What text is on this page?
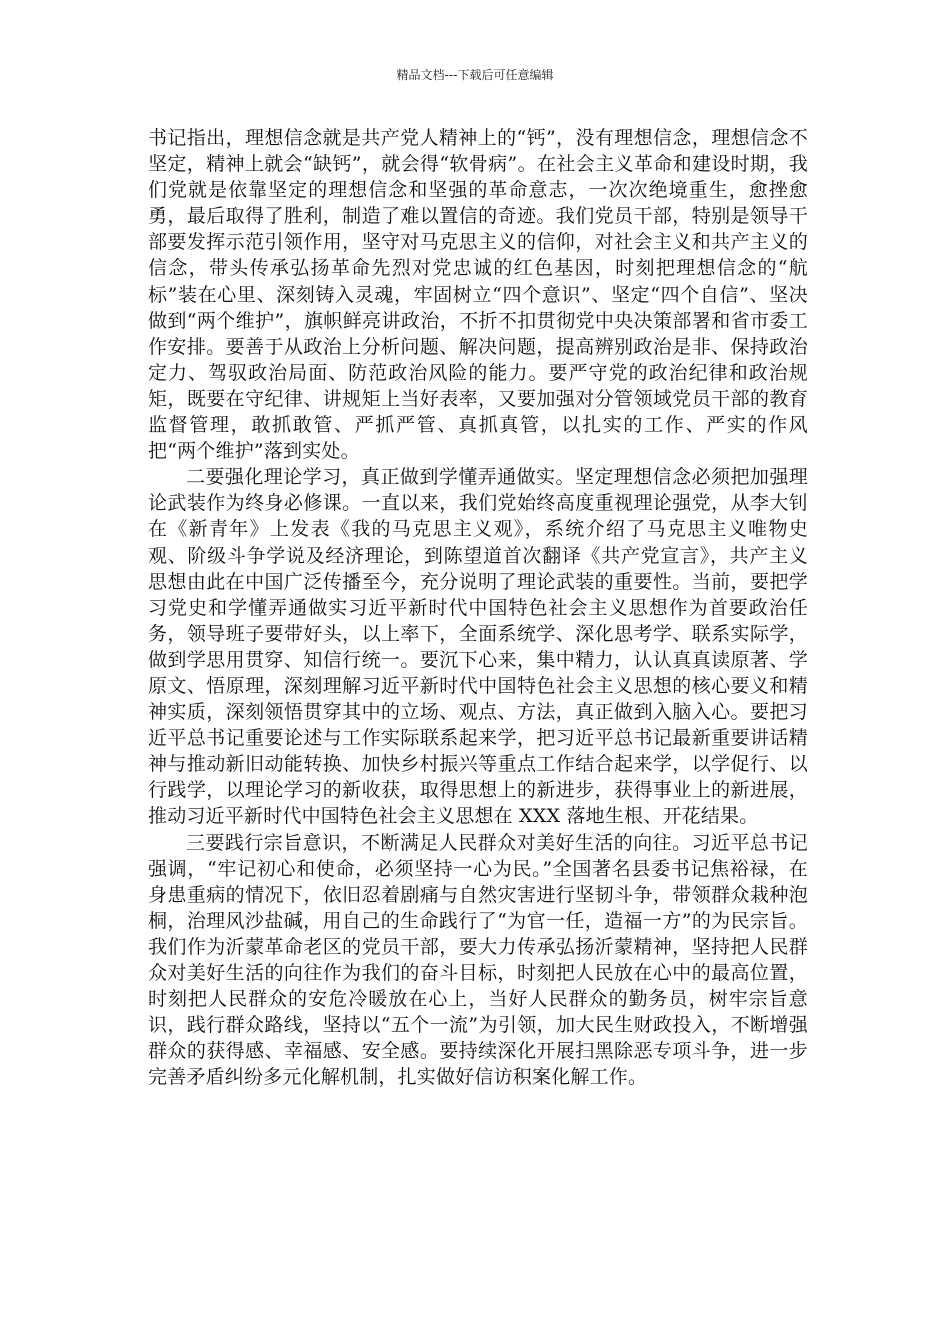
精品文档---下载后可任意编辑

书记指出，理想信念就是共产党人精神上的“钙”，没有理想信念，理想信念不坚定，精神上就会“缺钙”，就会得“软骨病”。在社会主义革命和建设时期，我们党就是依靠坚定的理想信念和坚强的革命意志，一次次绝境重生，愈挫愈勇，最后取得了胜利，制造了难以置信的奇迹。我们党员干部，特别是领导干部要发挥示范引领作用，坚守对马克思主义的信仰，对社会主义和共产主义的信念，带头传承弘扬革命先烈对党忠诚的红色基因，时刻把理想信念的“航标”装在心里、深刻铸入灵魂，牢固树立“四个意识”、坚定“四个自信”、坚决做到“两个维护”，旗帜鲜亮讲政治，不折不扣贯彻党中央决策部署和省市委工作安排。要善于从政治上分析问题、解决问题，提高辨别政治是非、保持政治定力、驾驭政治局面、防范政治风险的能力。要严守党的政治纪律和政治规矩，既要在守纪律、讲规矩上当好表率，又要加强对分管领域党员干部的教育监督管理，敢抓敢管、严抓严管、真抓真管，以扎实的工作、严实的作风把“两个维护”落到实处。

二要强化理论学习，真正做到学懂弄通做实。坚定理想信念必须把加强理论武装作为终身必修课。一直以来，我们党始终高度重视理论强党，从李大钊在《新青年》上发表《我的马克思主义观》，系统介绍了马克思主义唯物史观、阶级斗争学说及经济理论，到陈望道首次翻译《共产党宣言》，共产主义思想由此在中国广泛传播至今，充分说明了理论武装的重要性。当前，要把学习党史和学懂弄通做实习近平新时代中国特色社会主义思想作为首要政治任务，领导班子要带好头，以上率下，全面系统学、深化思考学、联系实际学，做到学思用贯穿、知信行统一。要沉下心来，集中精力，认认真真读原著、学原文、悟原理，深刻理解习近平新时代中国特色社会主义思想的核心要义和精神实质，深刻领悟贯穿其中的立场、观点、方法，真正做到入脑入心。要把习近平总书记重要论述与工作实际联系起来学，把习近平总书记最新重要讲话精神与推动新旧动能转换、加快乡村振兴等重点工作结合起来学，以学促行、以行践学，以理论学习的新收获，取得思想上的新进步，获得事业上的新进展，推动习近平新时代中国特色社会主义思想在 XXX 落地生根、开花结果。

三要践行宗旨意识，不断满足人民群众对美好生活的向往。习近平总书记强调，“牢记初心和使命，必须坚持一心为民。”全国著名县委书记焦裕禄，在身患重病的情况下，依旧忍着剧痛与自然灾害进行坚韧斗争，带领群众栽种泡桐，治理风沙盐碱，用自己的生命践行了“为官一任，造福一方”的为民宗旨。我们作为沂蒙革命老区的党员干部，要大力传承弘扬沂蒙精神，坚持把人民群众对美好生活的向往作为我们的奋斗目标，时刻把人民放在心中的最高位置，时刻把人民群众的安危冷暖放在心上，当好人民群众的勤务员，树牢宗旨意识，践行群众路线，坚持以“五个一流”为引领，加大民生财政投入，不断增强群众的获得感、幸福感、安全感。要持续深化开展扫黑除恶专项斗争，进一步完善矛盾纠纷多元化解机制，扎实做好信访积案化解工作。
